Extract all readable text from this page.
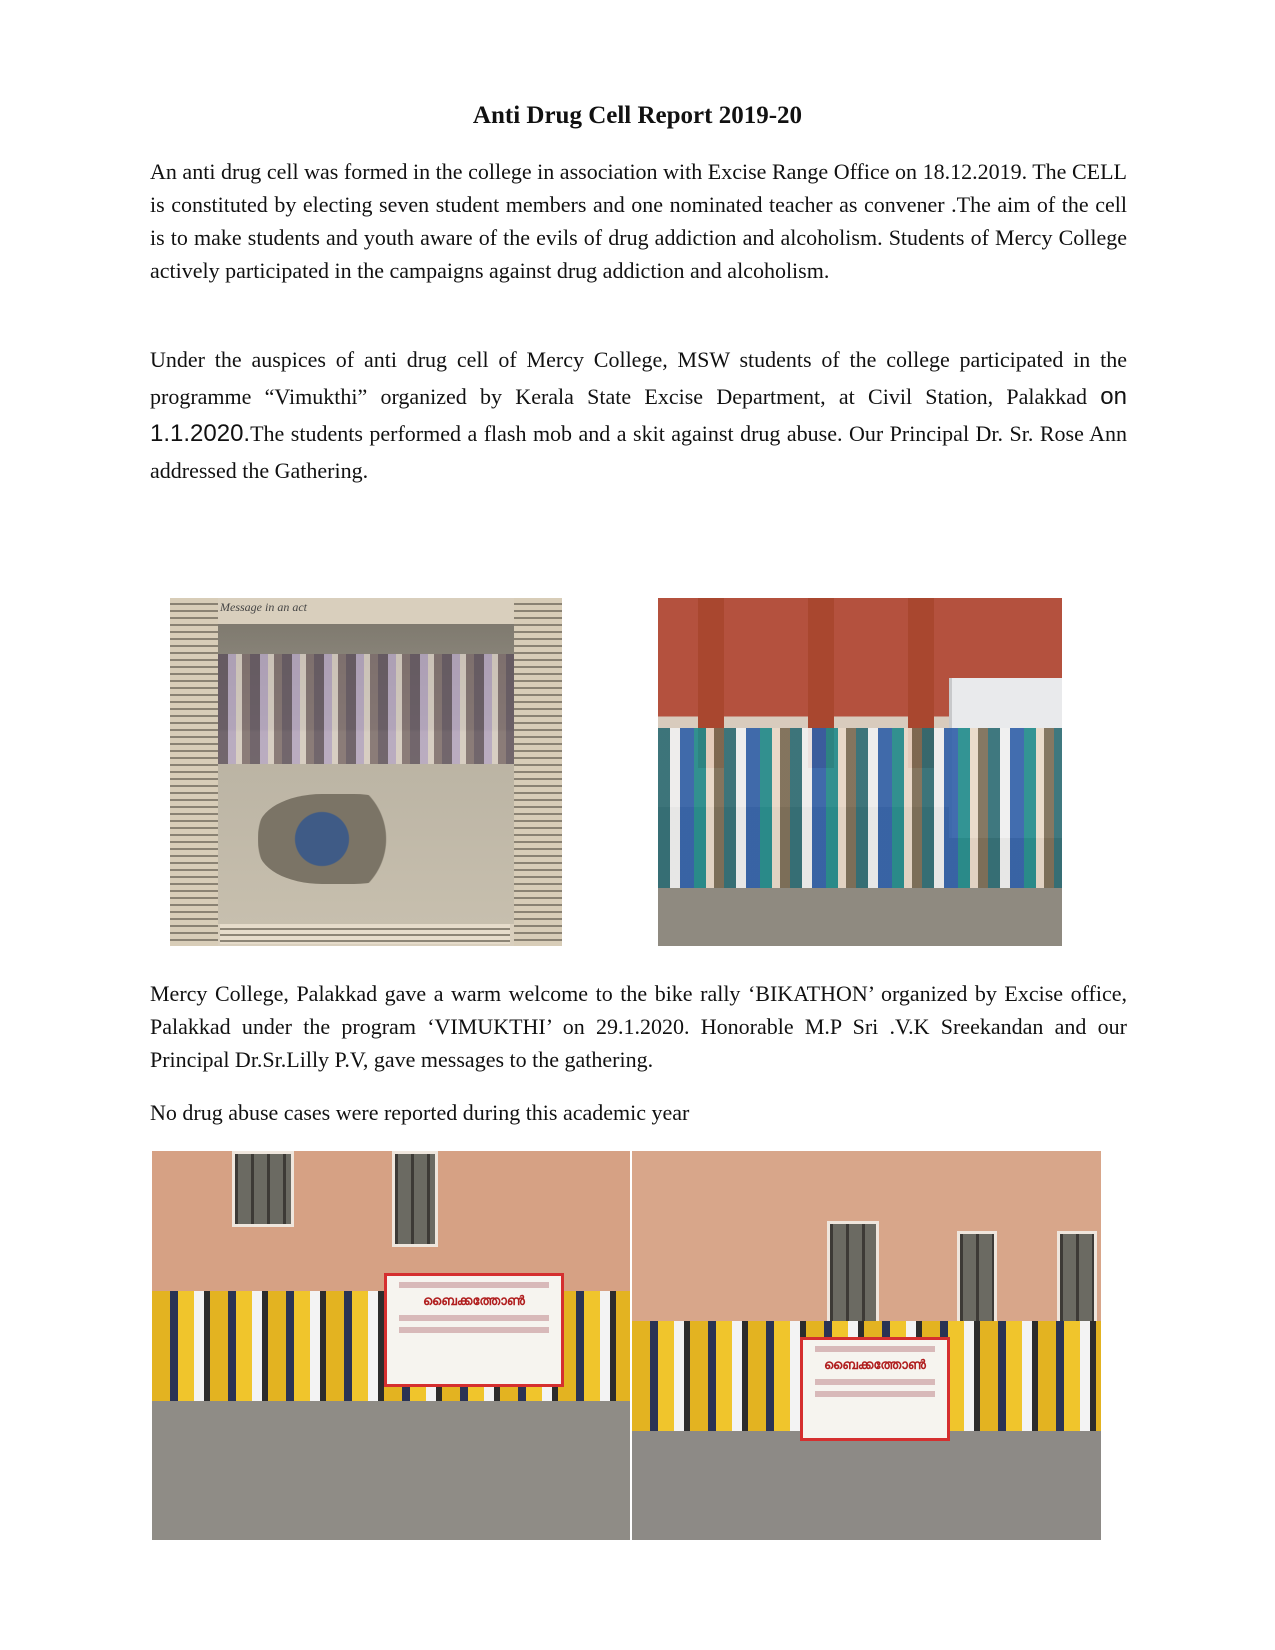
Anti Drug Cell Report 2019-20

An anti drug cell was formed in the college in association with Excise Range Office on 18.12.2019. The CELL is constituted by electing seven student members and one nominated teacher as convener .The aim of the cell is to make students and youth aware of the evils of drug addiction and alcoholism. Students of Mercy College actively participated in the campaigns against drug addiction and alcoholism.

Under the auspices of anti drug cell of Mercy College, MSW students of the college participated in the programme “Vimukthi” organized by Kerala State Excise Department, at Civil Station, Palakkad on 1.1.2020.The students performed a flash mob and a skit against drug abuse. Our Principal Dr. Sr. Rose Ann addressed the Gathering.

Message in an act

Mercy College, Palakkad gave a warm welcome to the bike rally ‘BIKATHON’ organized by Excise office, Palakkad under the program ‘VIMUKTHI’ on 29.1.2020. Honorable M.P Sri .V.K Sreekandan and our Principal Dr.Sr.Lilly P.V, gave messages to the gathering.

No drug abuse cases were reported during this academic year

ബൈക്കത്തോൺ
ബൈക്കത്തോൺ
